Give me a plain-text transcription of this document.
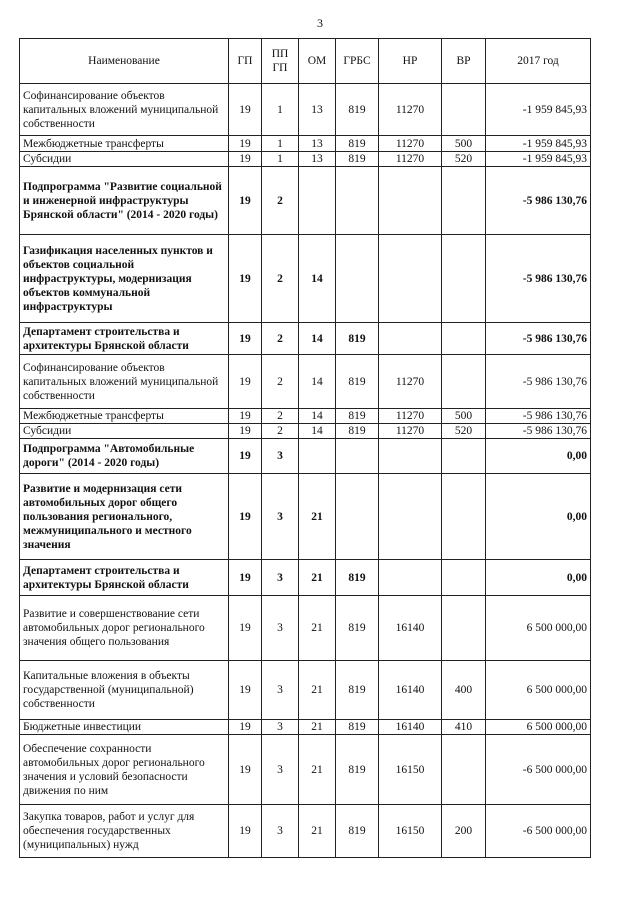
3
Наименование	ГП	ПП ГП	ОМ	ГРБС	НР	ВР	2017 год
Софинансирование объектов капитальных вложений муниципальной собственности	19	1	13	819	11270		-1 959 845,93
Межбюджетные трансферты	19	1	13	819	11270	500	-1 959 845,93
Субсидии	19	1	13	819	11270	520	-1 959 845,93
Подпрограмма "Развитие социальной и инженерной инфраструктуры Брянской области" (2014 - 2020 годы)	19	2					-5 986 130,76
Газификация населенных пунктов и объектов социальной инфраструктуры, модернизация объектов коммунальной инфраструктуры	19	2	14				-5 986 130,76
Департамент строительства и архитектуры Брянской области	19	2	14	819			-5 986 130,76
Софинансирование объектов капитальных вложений муниципальной собственности	19	2	14	819	11270		-5 986 130,76
Межбюджетные трансферты	19	2	14	819	11270	500	-5 986 130,76
Субсидии	19	2	14	819	11270	520	-5 986 130,76
Подпрограмма "Автомобильные дороги" (2014 - 2020 годы)	19	3					0,00
Развитие и модернизация сети автомобильных дорог общего пользования регионального, межмуниципального и местного значения	19	3	21				0,00
Департамент строительства и архитектуры Брянской области	19	3	21	819			0,00
Развитие и совершенствование сети автомобильных дорог регионального значения общего пользования	19	3	21	819	16140		6 500 000,00
Капитальные вложения в объекты государственной (муниципальной) собственности	19	3	21	819	16140	400	6 500 000,00
Бюджетные инвестиции	19	3	21	819	16140	410	6 500 000,00
Обеспечение сохранности автомобильных дорог регионального значения и условий безопасности движения по ним	19	3	21	819	16150		-6 500 000,00
Закупка товаров, работ и услуг для обеспечения государственных (муниципальных) нужд	19	3	21	819	16150	200	-6 500 000,00
